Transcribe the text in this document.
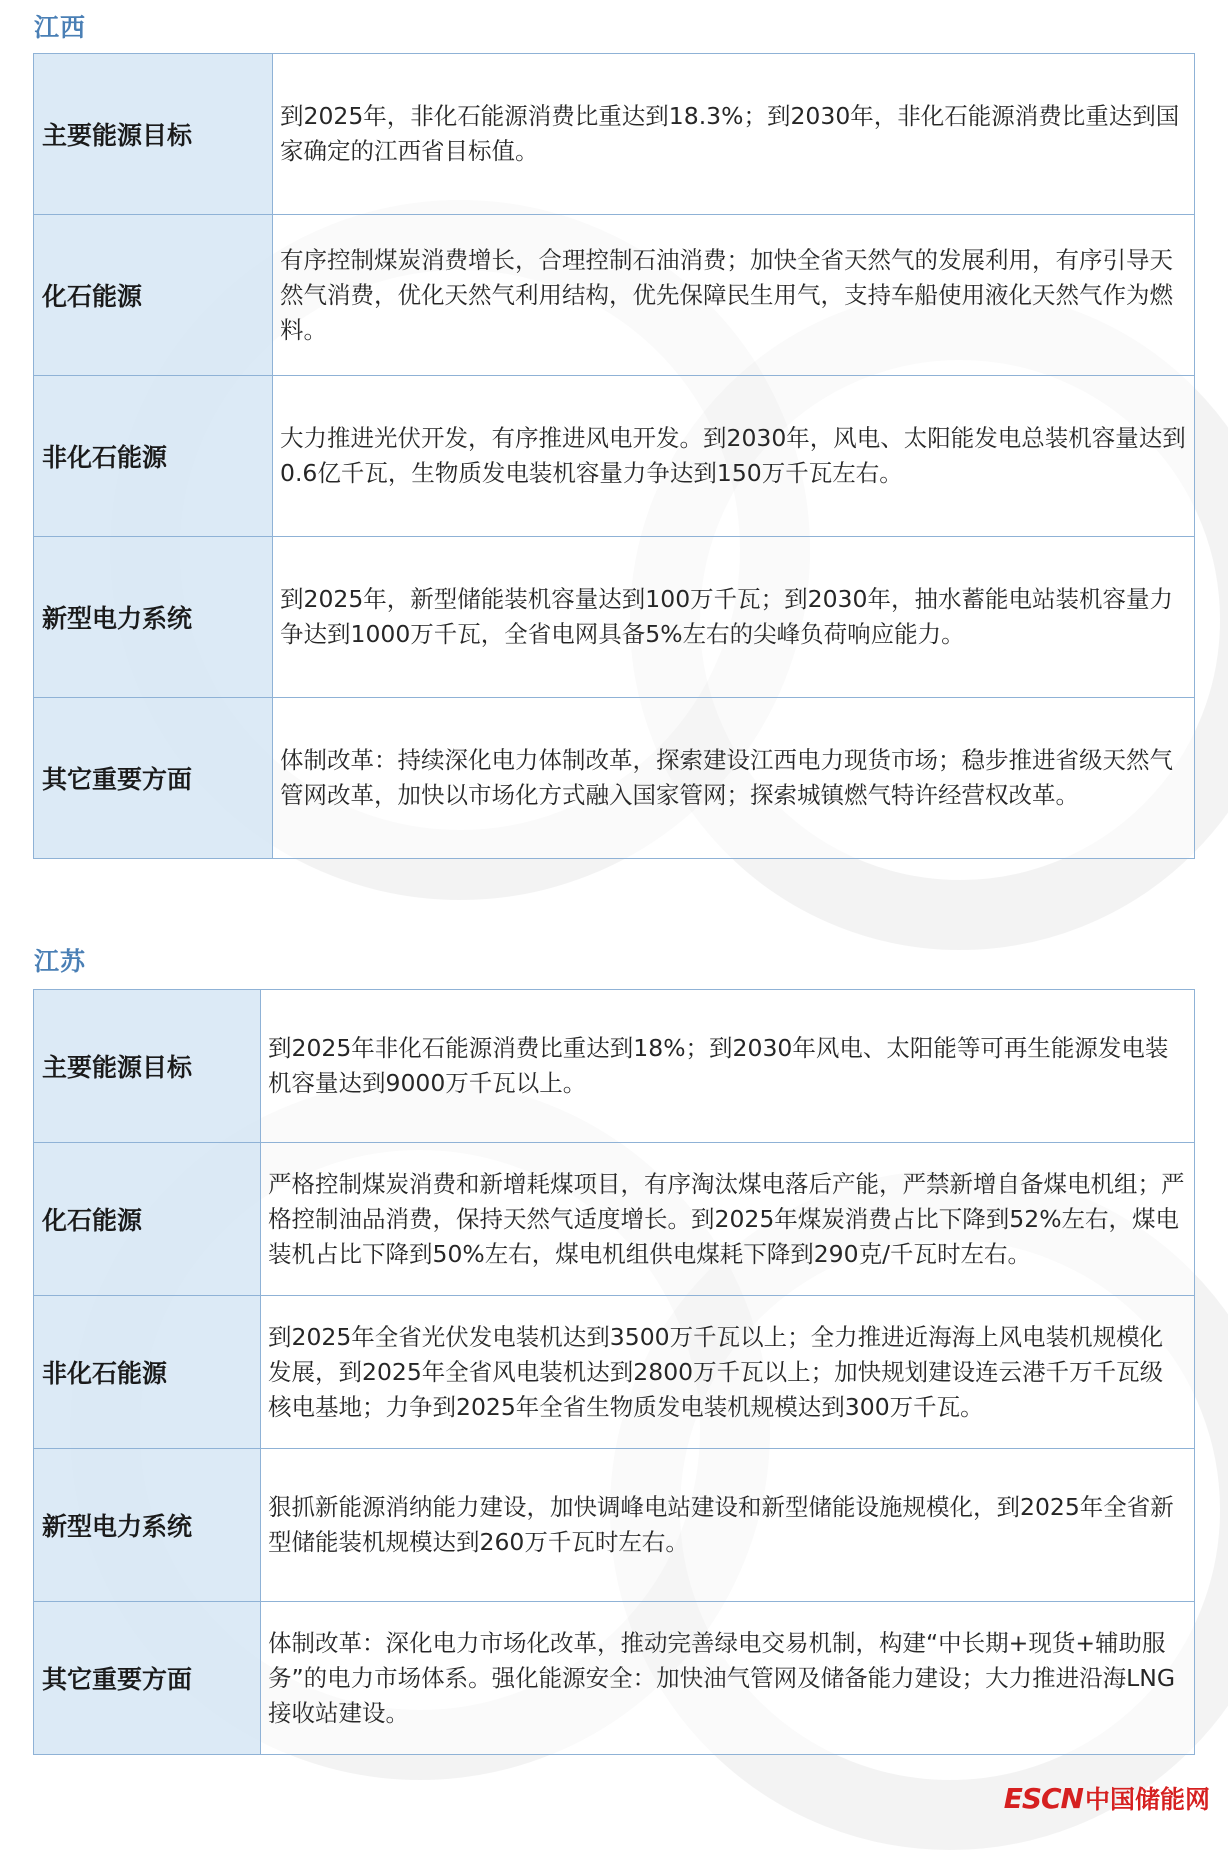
江西
主要能源目标	到2025年，非化石能源消费比重达到18.3%；到2030年，非化石能源消费比重达到国家确定的江西省目标值。
化石能源	有序控制煤炭消费增长，合理控制石油消费；加快全省天然气的发展利用，有序引导天然气消费，优化天然气利用结构，优先保障民生用气，支持车船使用液化天然气作为燃料。
非化石能源	大力推进光伏开发，有序推进风电开发。到2030年，风电、太阳能发电总装机容量达到0.6亿千瓦，生物质发电装机容量力争达到150万千瓦左右。
新型电力系统	到2025年，新型储能装机容量达到100万千瓦；到2030年，抽水蓄能电站装机容量力争达到1000万千瓦，全省电网具备5%左右的尖峰负荷响应能力。
其它重要方面	体制改革：持续深化电力体制改革，探索建设江西电力现货市场；稳步推进省级天然气管网改革，加快以市场化方式融入国家管网；探索城镇燃气特许经营权改革。
江苏
主要能源目标	到2025年非化石能源消费比重达到18%；到2030年风电、太阳能等可再生能源发电装机容量达到9000万千瓦以上。
化石能源	严格控制煤炭消费和新增耗煤项目，有序淘汰煤电落后产能，严禁新增自备煤电机组；严格控制油品消费，保持天然气适度增长。到2025年煤炭消费占比下降到52%左右，煤电装机占比下降到50%左右，煤电机组供电煤耗下降到290克/千瓦时左右。
非化石能源	到2025年全省光伏发电装机达到3500万千瓦以上；全力推进近海海上风电装机规模化发展，到2025年全省风电装机达到2800万千瓦以上；加快规划建设连云港千万千瓦级核电基地；力争到2025年全省生物质发电装机规模达到300万千瓦。
新型电力系统	狠抓新能源消纳能力建设，加快调峰电站建设和新型储能设施规模化，到2025年全省新型储能装机规模达到260万千瓦时左右。
其它重要方面	体制改革：深化电力市场化改革，推动完善绿电交易机制，构建“中长期+现货+辅助服务”的电力市场体系。强化能源安全：加快油气管网及储备能力建设；大力推进沿海LNG接收站建设。
ESCN 中国储能网
